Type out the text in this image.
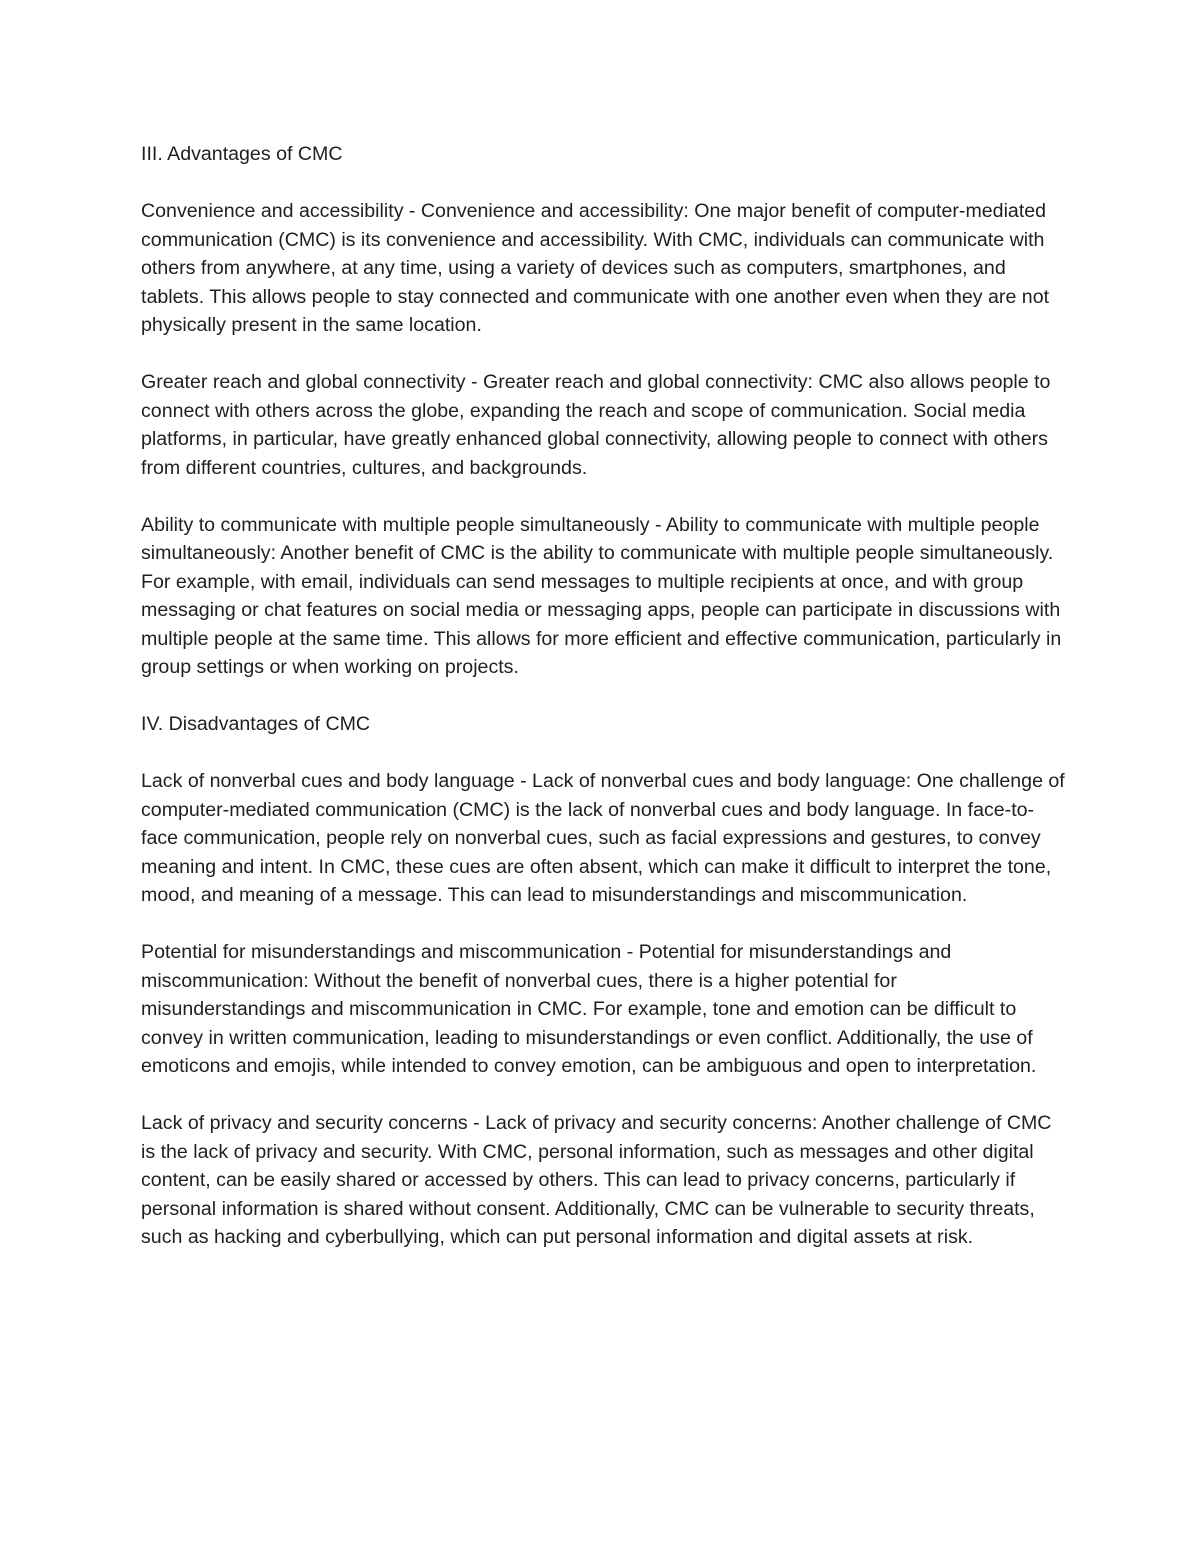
III. Advantages of CMC

Convenience and accessibility - Convenience and accessibility: One major benefit of computer-mediated communication (CMC) is its convenience and accessibility. With CMC, individuals can communicate with others from anywhere, at any time, using a variety of devices such as computers, smartphones, and tablets. This allows people to stay connected and communicate with one another even when they are not physically present in the same location.

Greater reach and global connectivity - Greater reach and global connectivity: CMC also allows people to connect with others across the globe, expanding the reach and scope of communication. Social media platforms, in particular, have greatly enhanced global connectivity, allowing people to connect with others from different countries, cultures, and backgrounds.

Ability to communicate with multiple people simultaneously - Ability to communicate with multiple people simultaneously: Another benefit of CMC is the ability to communicate with multiple people simultaneously. For example, with email, individuals can send messages to multiple recipients at once, and with group messaging or chat features on social media or messaging apps, people can participate in discussions with multiple people at the same time. This allows for more efficient and effective communication, particularly in group settings or when working on projects.

IV. Disadvantages of CMC

Lack of nonverbal cues and body language - Lack of nonverbal cues and body language: One challenge of computer-mediated communication (CMC) is the lack of nonverbal cues and body language. In face-to-face communication, people rely on nonverbal cues, such as facial expressions and gestures, to convey meaning and intent. In CMC, these cues are often absent, which can make it difficult to interpret the tone, mood, and meaning of a message. This can lead to misunderstandings and miscommunication.

Potential for misunderstandings and miscommunication - Potential for misunderstandings and miscommunication: Without the benefit of nonverbal cues, there is a higher potential for misunderstandings and miscommunication in CMC. For example, tone and emotion can be difficult to convey in written communication, leading to misunderstandings or even conflict. Additionally, the use of emoticons and emojis, while intended to convey emotion, can be ambiguous and open to interpretation.

Lack of privacy and security concerns - Lack of privacy and security concerns: Another challenge of CMC is the lack of privacy and security. With CMC, personal information, such as messages and other digital content, can be easily shared or accessed by others. This can lead to privacy concerns, particularly if personal information is shared without consent. Additionally, CMC can be vulnerable to security threats, such as hacking and cyberbullying, which can put personal information and digital assets at risk.
